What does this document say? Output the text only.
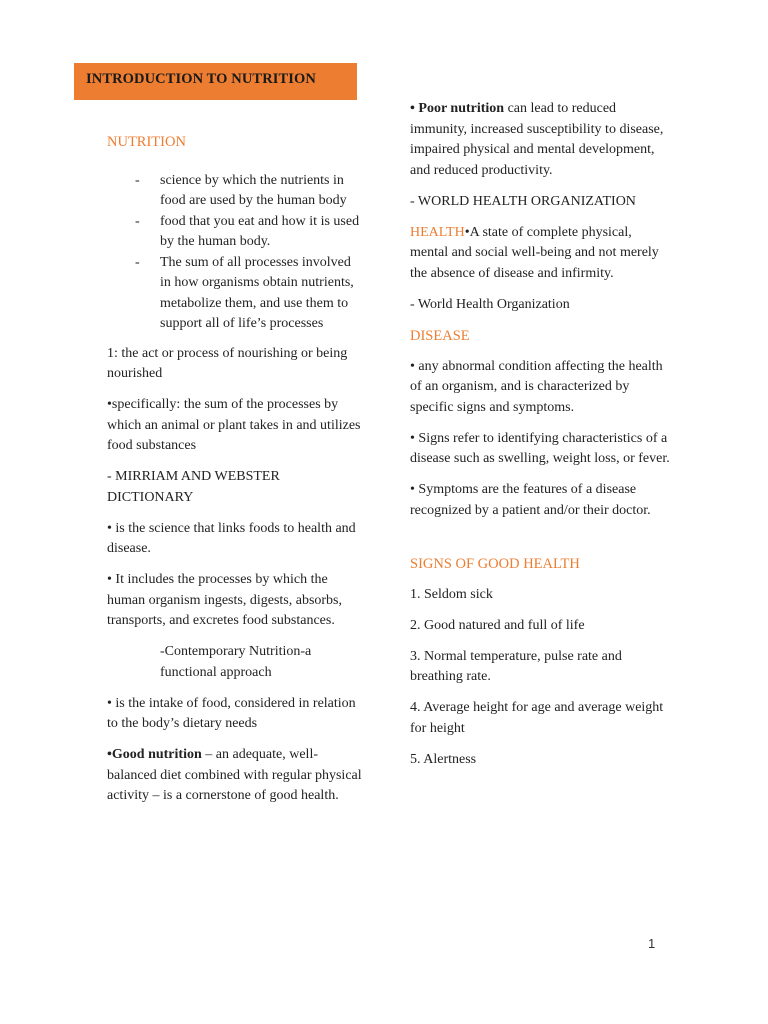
INTRODUCTION TO NUTRITION
NUTRITION
- science by which the nutrients in food are used by the human body
- food that you eat and how it is used by the human body.
- The sum of all processes involved in how organisms obtain nutrients, metabolize them, and use them to support all of life’s processes

1: the act or process of nourishing or being nourished

•specifically: the sum of the processes by which an animal or plant takes in and utilizes food substances

- MIRRIAM AND WEBSTER DICTIONARY

• is the science that links foods to health and disease.

• It includes the processes by which the human organism ingests, digests, absorbs, transports, and excretes food substances.

-Contemporary Nutrition-a functional approach

• is the intake of food, considered in relation to the body’s dietary needs

•Good nutrition – an adequate, well-balanced diet combined with regular physical activity – is a cornerstone of good health.

• Poor nutrition can lead to reduced immunity, increased susceptibility to disease, impaired physical and mental development, and reduced productivity.

- WORLD HEALTH ORGANIZATION

HEALTH•A state of complete physical, mental and social well-being and not merely the absence of disease and infirmity.

- World Health Organization

DISEASE

• any abnormal condition affecting the health of an organism, and is characterized by specific signs and symptoms.

• Signs refer to identifying characteristics of a disease such as swelling, weight loss, or fever.

• Symptoms are the features of a disease recognized by a patient and/or their doctor.

SIGNS OF GOOD HEALTH

1. Seldom sick

2. Good natured and full of life

3. Normal temperature, pulse rate and breathing rate.

4. Average height for age and average weight for height

5. Alertness

1
